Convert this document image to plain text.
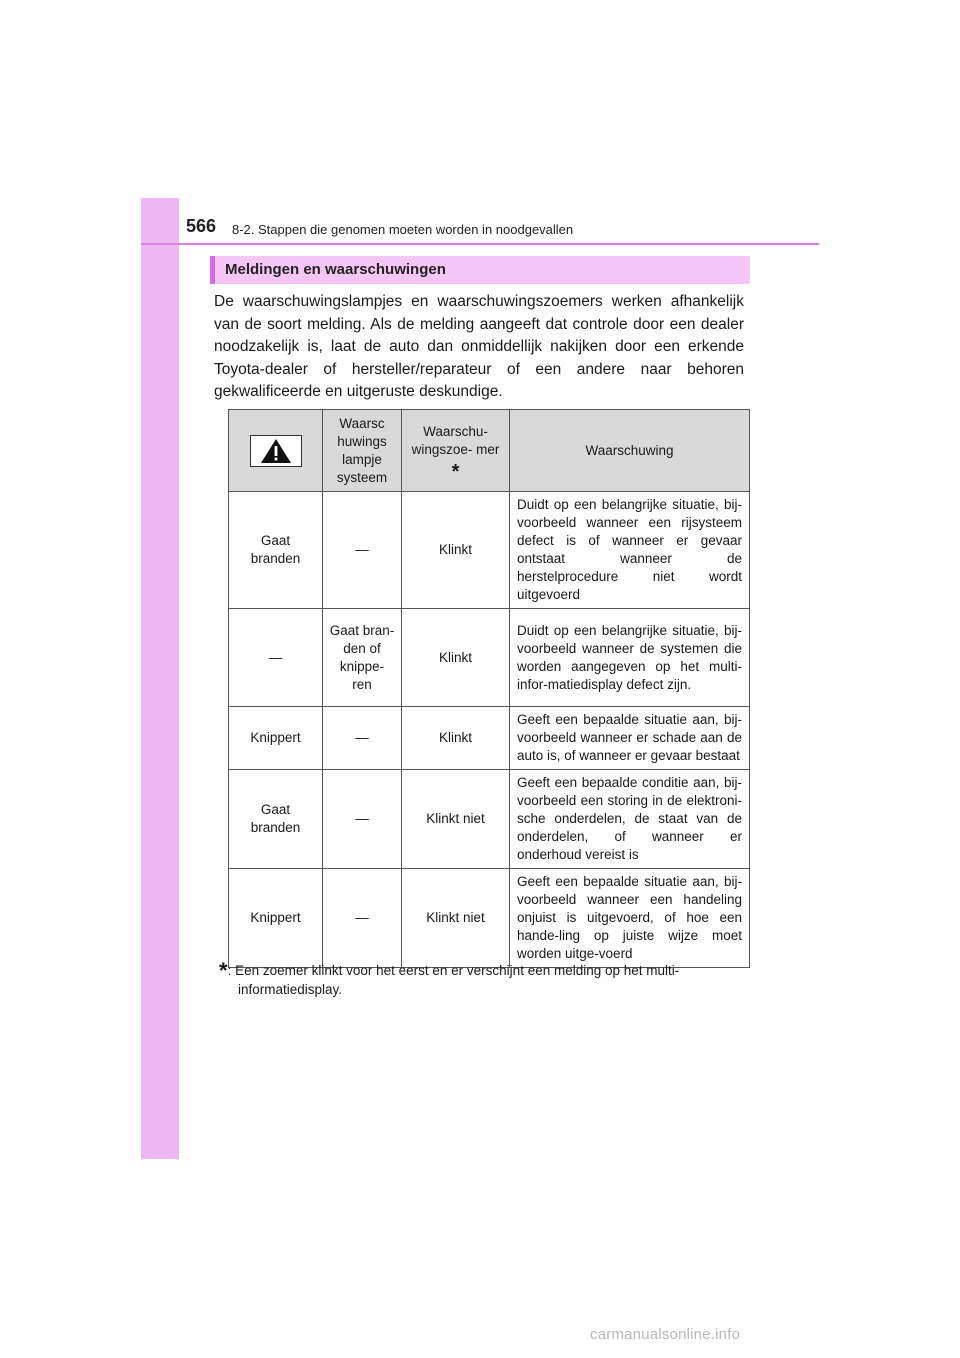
566 8-2. Stappen die genomen moeten worden in noodgevallen
Meldingen en waarschuwingen
De waarschuwingslampjes en waarschuwingszoemers werken afhankelijk van de soort melding. Als de melding aangeeft dat controle door een dealer noodzakelijk is, laat de auto dan onmiddellijk nakijken door een erkende Toyota-dealer of hersteller/reparateur of een andere naar behoren gekwalificeerde en uitgeruste deskundige.
	Waarsc huwings lampje systeem	Waarschu- wingszoe- mer *	Waarschuwing
Gaat branden	—	Klinkt	Duidt op een belangrijke situatie, bij-voorbeeld wanneer een rijsysteem defect is of wanneer er gevaar ontstaat wanneer de herstelprocedure niet wordt uitgevoerd
—	Gaat bran- den of knippe- ren	Klinkt	Duidt op een belangrijke situatie, bij-voorbeeld wanneer de systemen die worden aangegeven op het multi-infor-matiedisplay defect zijn.
Knippert	—	Klinkt	Geeft een bepaalde situatie aan, bij-voorbeeld wanneer er schade aan de auto is, of wanneer er gevaar bestaat
Gaat branden	—	Klinkt niet	Geeft een bepaalde conditie aan, bij-voorbeeld een storing in de elektroni-sche onderdelen, de staat van de onderdelen, of wanneer er onderhoud vereist is
Knippert	—	Klinkt niet	Geeft een bepaalde situatie aan, bij-voorbeeld wanneer een handeling onjuist is uitgevoerd, of hoe een hande-ling op juiste wijze moet worden uitge-voerd
*: Een zoemer klinkt voor het eerst en er verschijnt een melding op het multi-
informatiedisplay.
carmanualsonline.info
